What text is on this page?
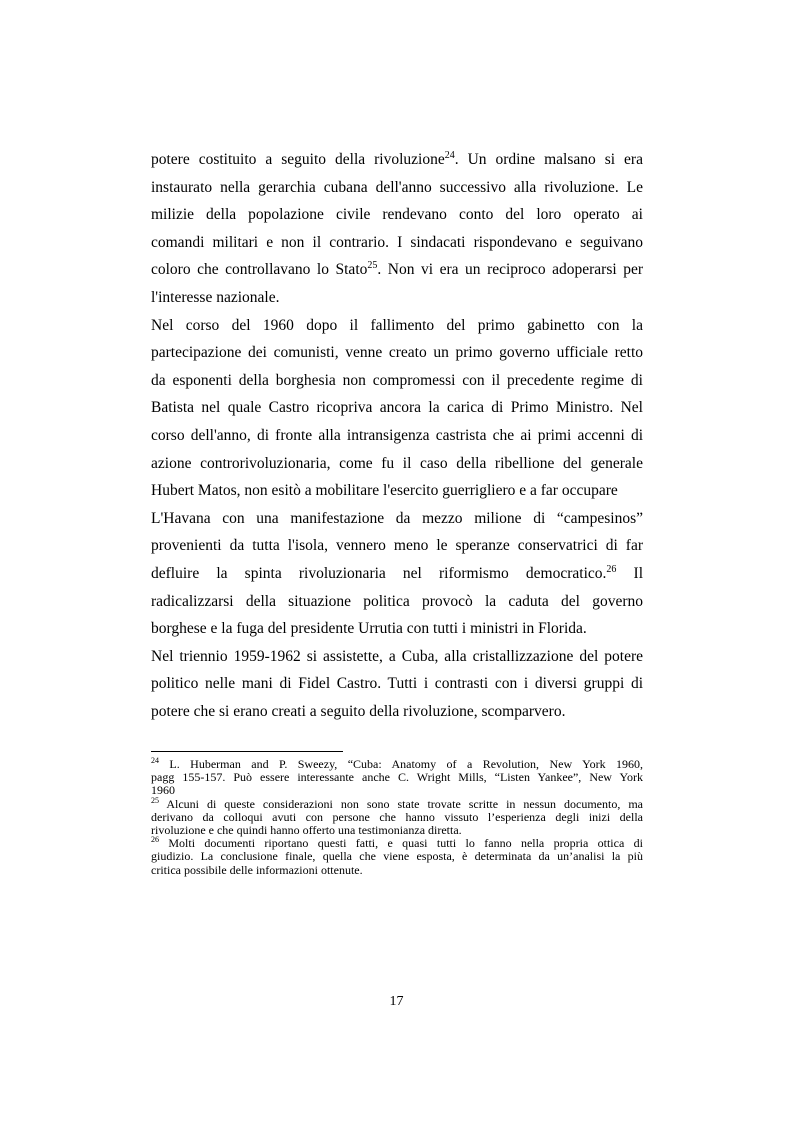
potere costituito a seguito della rivoluzione$^{24}$. Un ordine malsano si era
instaurato nella gerarchia cubana dell'anno successivo alla rivoluzione. Le
milizie della popolazione civile rendevano conto del loro operato ai
comandi militari e non il contrario. I sindacati rispondevano e seguivano
coloro che controllavano lo Stato$^{25}$. Non vi era un reciproco adoperarsi per
l'interesse nazionale.

Nel corso del 1960 dopo il fallimento del primo gabinetto con la
partecipazione dei comunisti, venne creato un primo governo ufficiale retto
da esponenti della borghesia non compromessi con il precedente regime di
Batista nel quale Castro ricopriva ancora la carica di Primo Ministro. Nel
corso dell'anno, di fronte alla intransigenza castrista che ai primi accenni di
azione controrivoluzionaria, come fu il caso della ribellione del generale
Hubert Matos, non esitò a mobilitare l'esercito guerrigliero e a far occupare

L'Havana con una manifestazione da mezzo milione di “campesinos”
provenienti da tutta l'isola, vennero meno le speranze conservatrici di far
defluire la spinta rivoluzionaria nel riformismo democratico.$^{26}$ Il
radicalizzarsi della situazione politica provocò la caduta del governo
borghese e la fuga del presidente Urrutia con tutti i ministri in Florida.

Nel triennio 1959-1962 si assistette, a Cuba, alla cristallizzazione del potere
politico nelle mani di Fidel Castro. Tutti i contrasti con i diversi gruppi di
potere che si erano creati a seguito della rivoluzione, scomparvero.

$^{24}$ L. Huberman and P. Sweezy, “Cuba: Anatomy of a Revolution, New York 1960,
pagg 155-157. Può essere interessante anche C. Wright Mills, “Listen Yankee”, New York
1960

$^{25}$ Alcuni di queste considerazioni non sono state trovate scritte in nessun documento, ma
derivano da colloqui avuti con persone che hanno vissuto l’esperienza degli inizi della
rivoluzione e che quindi hanno offerto una testimonianza diretta.

$^{26}$ Molti documenti riportano questi fatti, e quasi tutti lo fanno nella propria ottica di
giudizio. La conclusione finale, quella che viene esposta, è determinata da un’analisi la più
critica possibile delle informazioni ottenute.

17
